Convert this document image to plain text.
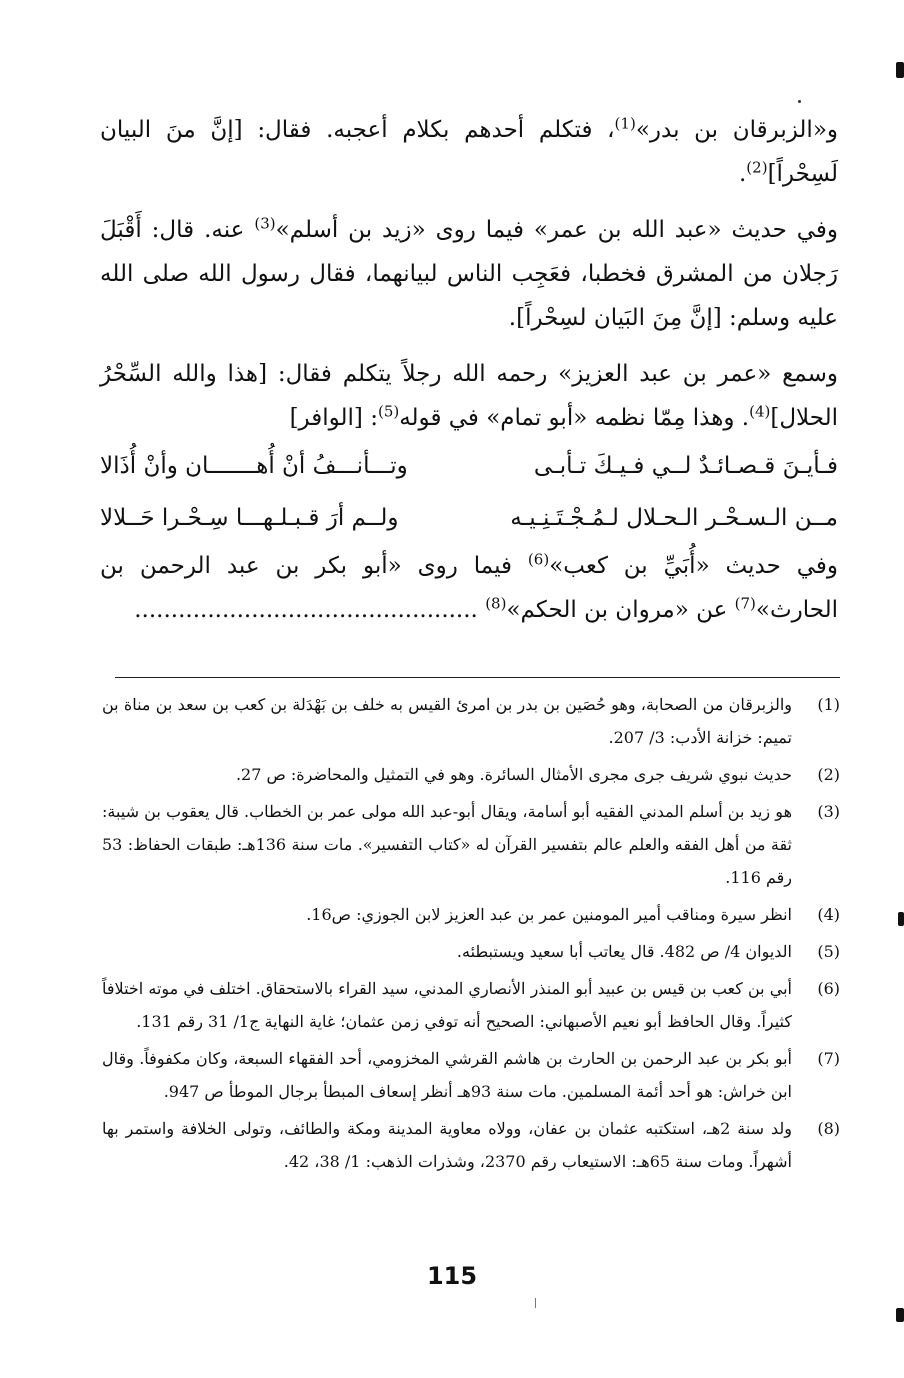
و«الزبرقان بن بدر»$^{(1)}$، فتكلم أحدهم بكلام أعجبه. فقال: [إنَّ منَ البيان لَسِحْراً]$^{(2)}$.

وفي حديث «عبد الله بن عمر» فيما روى «زيد بن أسلم»$^{(3)}$ عنه. قال: أَقْبَلَ رَجلان من المشرق فخطبا، فعَجِب الناس لبيانهما، فقال رسول الله صلى الله عليه وسلم: [إنَّ مِنَ البَيان لسِحْراً].

وسمع «عمر بن عبد العزيز» رحمه الله رجلاً يتكلم فقال: [هذا والله السِّحْرُ الحلال]$^{(4)}$. وهذا مِمّا نظمه «أبو تمام» في قوله$^{(5)}$: [الوافر]

فـأيـنَ قـصـائـدٌ لــي فـيـكَ تـأبـى
وتـــأنـــفُ أنْ أُهـــــــان وأنْ أُذَالا
مــن الـسـحْـر الـحـلال لـمُـجْـتَـنِـيـه
ولــم أرَ قـبـلـهـــا سِـحْـرا حَــلالا

وفي حديث «أُبَيِّ بن كعب»$^{(6)}$ فيما روى «أبو بكر بن عبد الرحمن بن الحارث»$^{(7)}$ عن «مروان بن الحكم»$^{(8)}$ ...............................................

(1)
والزبرقان من الصحابة، وهو حُصَين بن بدر بن امرئ القيس به خلف بن بَهْدَلة بن كعب بن سعد بن مناة بن تميم: خزانة الأدب: 3/ 207.
(2)
حديث نبوي شريف جرى مجرى الأمثال السائرة. وهو في التمثيل والمحاضرة: ص 27.
(3)
هو زيد بن أسلم المدني الفقيه أبو أسامة، ويقال أبو-عبد الله مولى عمر بن الخطاب. قال يعقوب بن شيبة: ثقة من أهل الفقه والعلم عالم بتفسير القرآن له «كتاب التفسير». مات سنة 136هـ: طبقات الحفاظ: 53 رقم 116.
(4)
انظر سيرة ومناقب أمير المومنين عمر بن عبد العزيز لابن الجوزي: ص16.
(5)
الديوان 4/ ص 482. قال يعاتب أبا سعيد ويستبطئه.
(6)
أبي بن كعب بن قيس بن عبيد أبو المنذر الأنصاري المدني، سيد القراء بالاستحقاق. اختلف في موته اختلافاً كثيراً. وقال الحافظ أبو نعيم الأصبهاني: الصحيح أنه توفي زمن عثمان؛ غاية النهاية ج1/ 31 رقم 131.
(7)
أبو بكر بن عبد الرحمن بن الحارث بن هاشم القرشي المخزومي، أحد الفقهاء السبعة، وكان مكفوفاً. وقال ابن خراش: هو أحد أئمة المسلمين. مات سنة 93هـ أنظر إسعاف المبطأ برجال الموطأ ص 947.
(8)
ولد سنة 2هـ، استكتبه عثمان بن عفان، وولاه معاوية المدينة ومكة والطائف، وتولى الخلافة واستمر بها أشهراً. ومات سنة 65هـ: الاستيعاب رقم 2370، وشذرات الذهب: 1/ 38، 42.
115
